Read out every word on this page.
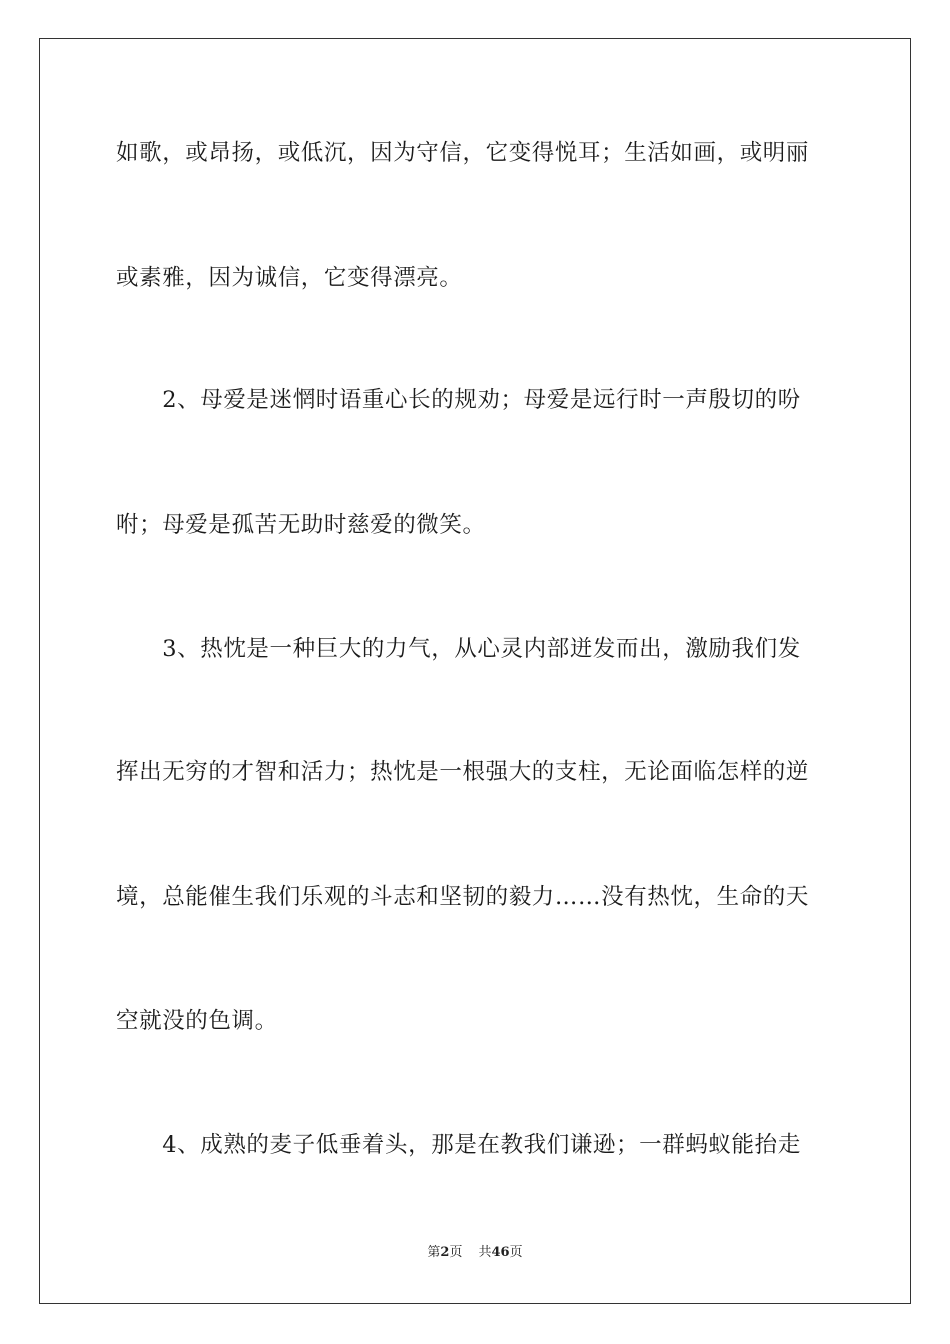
如歌，或昂扬，或低沉，因为守信，它变得悦耳；生活如画，或明丽
或素雅，因为诚信，它变得漂亮。
　　2、母爱是迷惘时语重心长的规劝；母爱是远行时一声殷切的吩
咐；母爱是孤苦无助时慈爱的微笑。
　　3、热忱是一种巨大的力气，从心灵内部迸发而出，激励我们发
挥出无穷的才智和活力；热忱是一根强大的支柱，无论面临怎样的逆
境，总能催生我们乐观的斗志和坚韧的毅力……没有热忱，生命的天
空就没的色调。
　　4、成熟的麦子低垂着头，那是在教我们谦逊；一群蚂蚁能抬走
第2页 共46页
